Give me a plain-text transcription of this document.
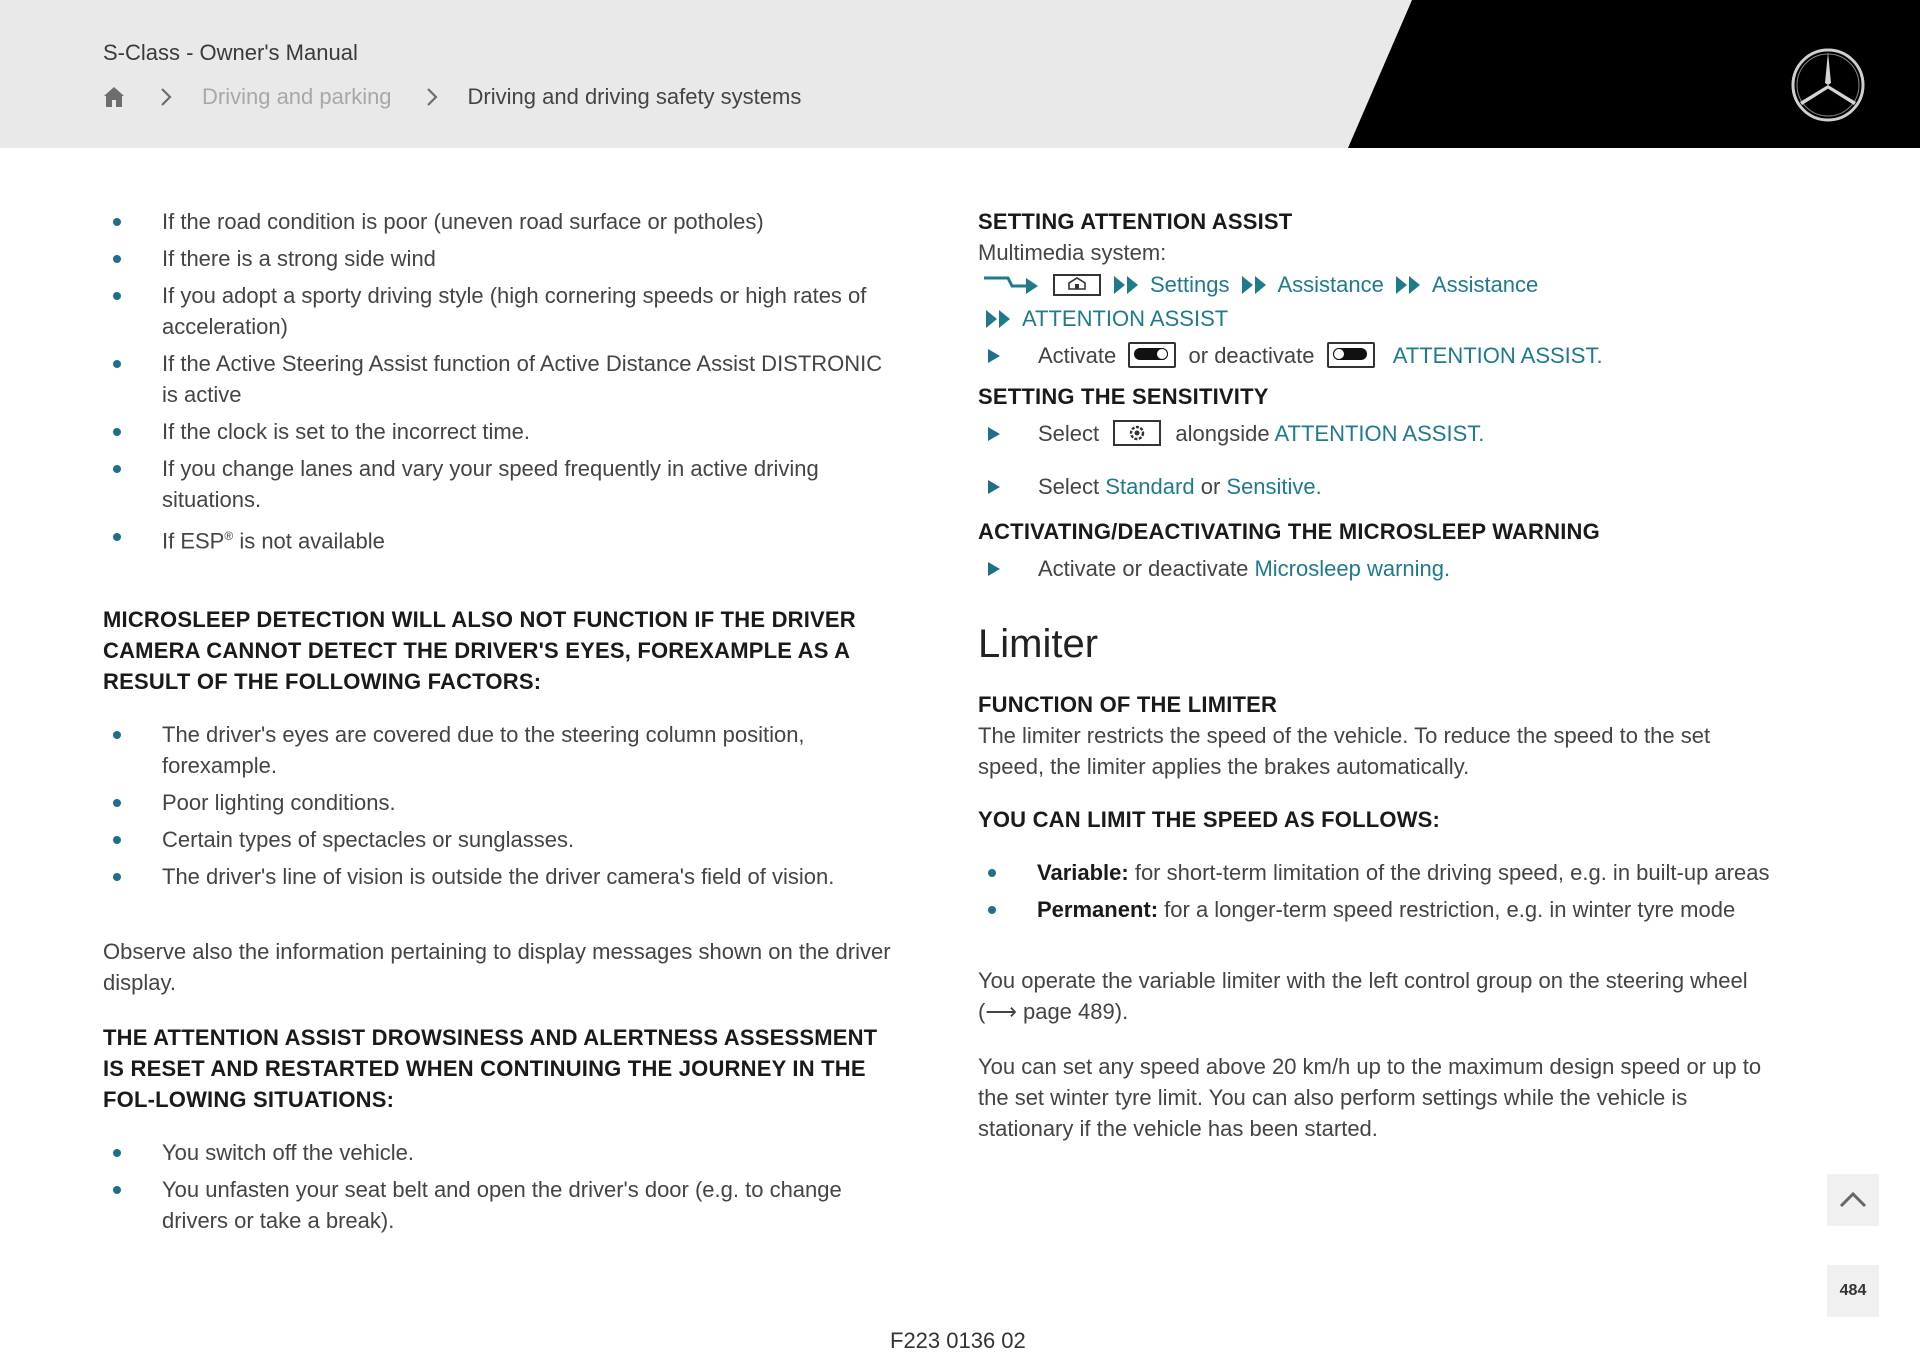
S-Class - Owner's Manual
Driving and parking	Driving and driving safety systems
If the road condition is poor (uneven road surface or potholes)
If there is a strong side wind
If you adopt a sporty driving style (high cornering speeds or high rates of acceleration)
If the Active Steering Assist function of Active Distance Assist DISTRONIC is active
If the clock is set to the incorrect time.
If you change lanes and vary your speed frequently in active driving situations.
If ESP® is not available
MICROSLEEP DETECTION WILL ALSO NOT FUNCTION IF THE DRIVER CAMERA CANNOT DETECT THE DRIVER'S EYES, FOREXAMPLE AS A RESULT OF THE FOLLOWING FACTORS:
The driver's eyes are covered due to the steering column position, forexample.
Poor lighting conditions.
Certain types of spectacles or sunglasses.
The driver's line of vision is outside the driver camera's field of vision.

Observe also the information pertaining to display messages shown on the driver display.

THE ATTENTION ASSIST DROWSINESS AND ALERTNESS ASSESSMENT IS RESET AND RESTARTED WHEN CONTINUING THE JOURNEY IN THE FOL-LOWING SITUATIONS:
You switch off the vehicle.
You unfasten your seat belt and open the driver's door (e.g. to change drivers or take a break).
SETTING ATTENTION ASSIST

Multimedia system:

Settings Assistance Assistance
ATTENTION ASSIST
Activate	or deactivate	ATTENTION ASSIST.
SETTING THE SENSITIVITY
Select	alongside ATTENTION ASSIST.
Select Standard or Sensitive.
ACTIVATING/DEACTIVATING THE MICROSLEEP WARNING
Activate or deactivate Microsleep warning.
Limiter
FUNCTION OF THE LIMITER

The limiter restricts the speed of the vehicle. To reduce the speed to the set speed, the limiter applies the brakes automatically.

YOU CAN LIMIT THE SPEED AS FOLLOWS:
Variable: for short-term limitation of the driving speed, e.g. in built-up areas
Permanent: for a longer-term speed restriction, e.g. in winter tyre mode

You operate the variable limiter with the left control group on the steering wheel (⟶ page 489).

You can set any speed above 20 km/h up to the maximum design speed or up to the set winter tyre limit. You can also perform settings while the vehicle is stationary if the vehicle has been started.

484
F223 0136 02
